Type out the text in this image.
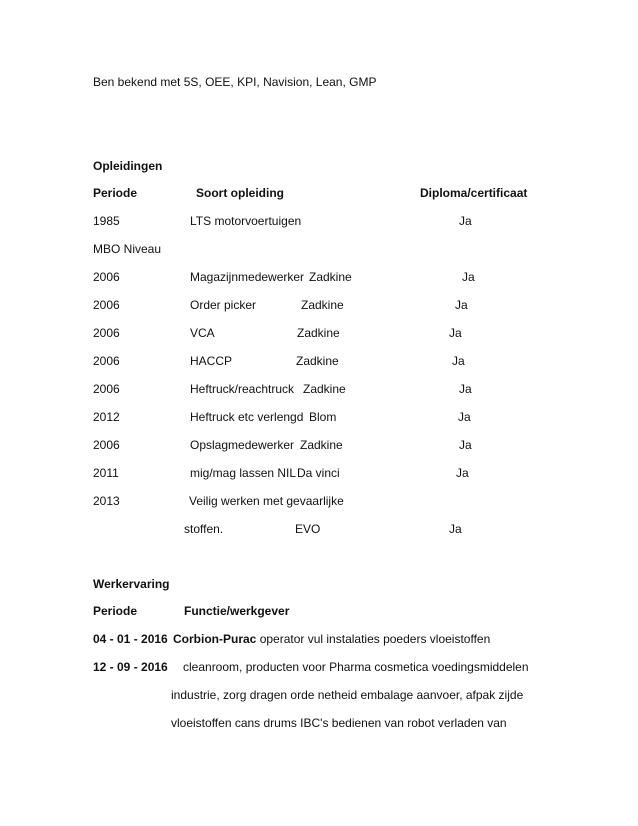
Ben bekend met 5S, OEE, KPI, Navision, Lean, GMP
Opleidingen
Periode	Soort opleiding	Diploma/certificaat
1985	LTS motorvoertuigen	Ja
MBO Niveau
2006	Magazijnmedewerker Zadkine	Ja
2006	Order picker	Zadkine	Ja
2006	VCA	Zadkine	Ja
2006	HACCP	Zadkine	Ja
2006	Heftruck/reachtruck Zadkine	Ja
2012	Heftruck etc verlengd Blom	Ja
2006	Opslagmedewerker Zadkine	Ja
2011	mig/mag lassen NIL Da vinci	Ja
2013	Veilig werken met gevaarlijke
stoffen.	EVO	Ja
Werkervaring
Periode	Functie/werkgever
04 - 01 - 2016 Corbion-Purac operator vul instalaties poeders vloeistoffen
12 - 09 - 2016 cleanroom, producten voor Pharma cosmetica voedingsmiddelen
industrie, zorg dragen orde netheid embalage aanvoer, afpak zijde
vloeistoffen cans drums IBC's bedienen van robot verladen van
